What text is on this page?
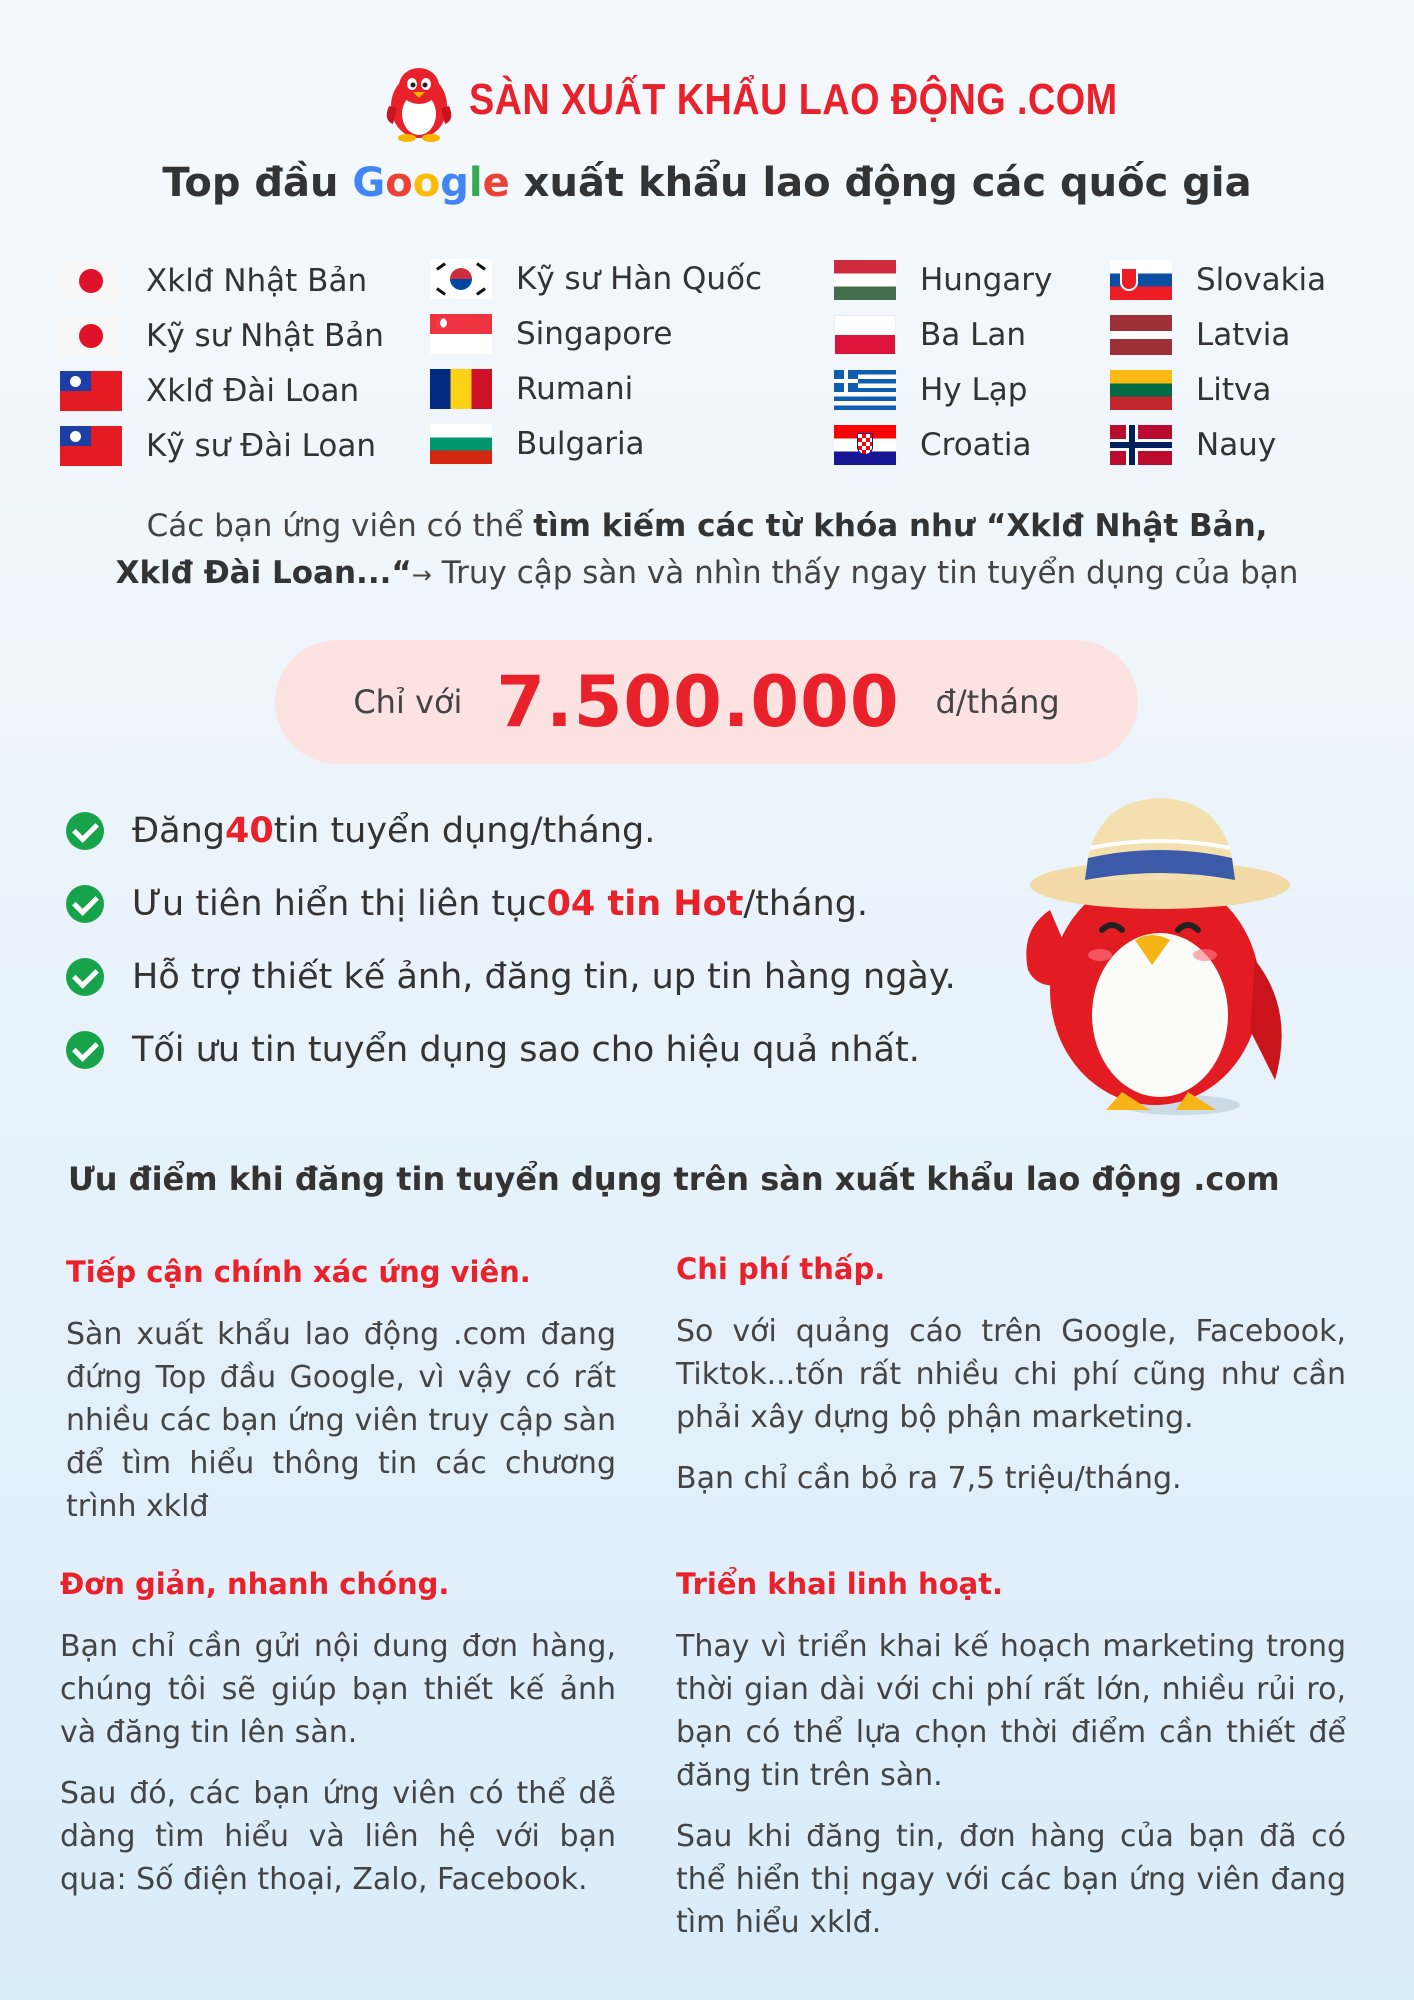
SÀN XUẤT KHẨU LAO ĐỘNG .COM
Top đầu Google xuất khẩu lao động các quốc gia
Xklđ Nhật Bản
Kỹ sư Nhật Bản
Xklđ Đài Loan
Kỹ sư Đài Loan
Kỹ sư Hàn Quốc
Singapore
Rumani
Bulgaria
Hungary
Ba Lan
Hy Lạp
Croatia
Slovakia
Latvia
Litva
Nauy
Các bạn ứng viên có thể tìm kiếm các từ khóa như “Xklđ Nhật Bản,
Xklđ Đài Loan...“→ Truy cập sàn và nhìn thấy ngay tin tuyển dụng của bạn
Chỉ với 7.500.000 đ/tháng
Đăng 40 tin tuyển dụng/tháng.
Ưu tiên hiển thị liên tục 04 tin Hot /tháng.
Hỗ trợ thiết kế ảnh, đăng tin, up tin hàng ngày.
Tối ưu tin tuyển dụng sao cho hiệu quả nhất.
Ưu điểm khi đăng tin tuyển dụng trên sàn xuất khẩu lao động .com
Tiếp cận chính xác ứng viên.

Sàn xuất khẩu lao động .com đang đứng Top đầu Google, vì vậy có rất nhiều các bạn ứng viên truy cập sàn để tìm hiểu thông tin các chương trình xklđ

Chi phí thấp.

So với quảng cáo trên Google, Facebook, Tiktok...tốn rất nhiều chi phí cũng như cần phải xây dựng bộ phận marketing.

Bạn chỉ cần bỏ ra 7,5 triệu/tháng.

Đơn giản, nhanh chóng.

Bạn chỉ cần gửi nội dung đơn hàng, chúng tôi sẽ giúp bạn thiết kế ảnh và đăng tin lên sàn.

Sau đó, các bạn ứng viên có thể dễ dàng tìm hiểu và liên hệ với bạn qua: Số điện thoại, Zalo, Facebook.

Triển khai linh hoạt.

Thay vì triển khai kế hoạch marketing trong thời gian dài với chi phí rất lớn, nhiều rủi ro, bạn có thể lựa chọn thời điểm cần thiết để đăng tin trên sàn.

Sau khi đăng tin, đơn hàng của bạn đã có thể hiển thị ngay với các bạn ứng viên đang tìm hiểu xklđ.
